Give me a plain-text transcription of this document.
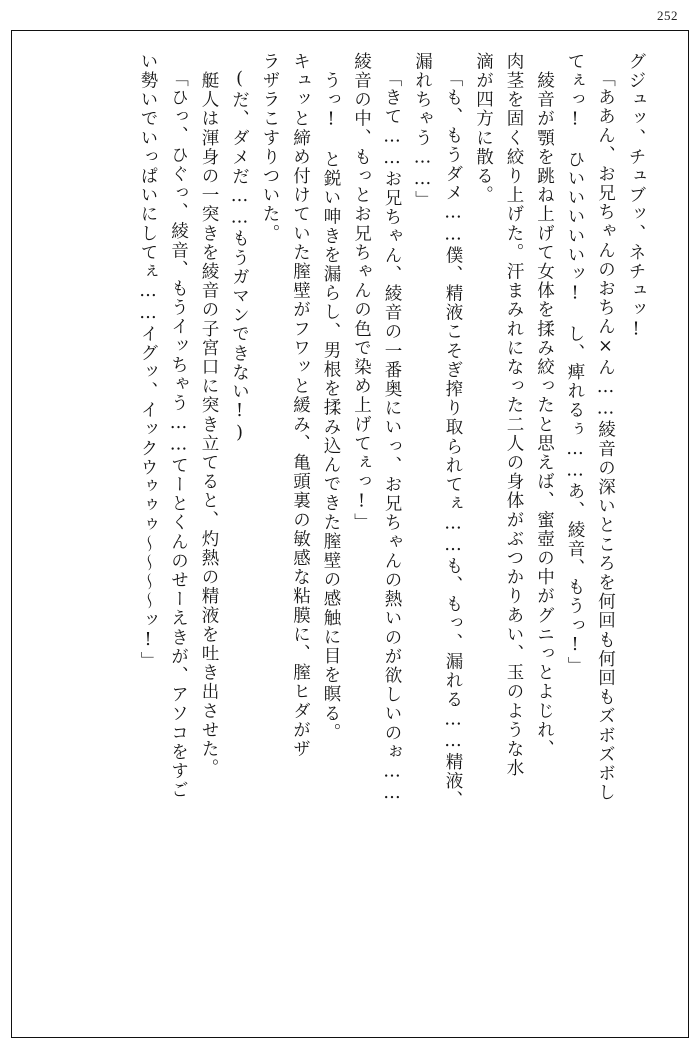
252
グジュッ、チュブッ、ネチュッ!
「ああん、お兄ちゃんのおちん×ん……綾音の深いところを何回も何回もズボズボし
てぇっ!　ひいいいいいッ!　し、痺れるぅ……あ、綾音、もうっ!」
　綾音が顎を跳ね上げて女体を揉み絞ったと思えば、蜜壺の中がグニっとよじれ、
肉茎を固く絞り上げた。汗まみれになった二人の身体がぶつかりあい、玉のような水
滴が四方に散る。
「も、もうダメ……僕、精液こそぎ搾り取られてぇ……も、もっ、漏れる……精液、
漏れちゃう……」
「きて……お兄ちゃん、綾音の一番奥にいっ、お兄ちゃんの熱いのが欲しいのぉ……
綾音の中、もっとお兄ちゃんの色で染め上げてぇっ!」
　うっ!　と鋭い呻きを漏らし、男根を揉み込んできた膣壁の感触に目を瞑る。
キュッと締め付けていた膣壁がフワッと緩み、亀頭裏の敏感な粘膜に、膣ヒダがザ
ラザラこすりついた。
(だ、ダメだ……もうガマンできない!)
　艇人は渾身の一突きを綾音の子宮口に突き立てると、灼熱の精液を吐き出させた。
「ひっ、ひぐっ、綾音、もうイッちゃう……てーとくんのせーえきが、アソコをすご
い勢いでいっぱいにしてぇ……イグッ、イックウゥゥゥ～～～～ッ!」
